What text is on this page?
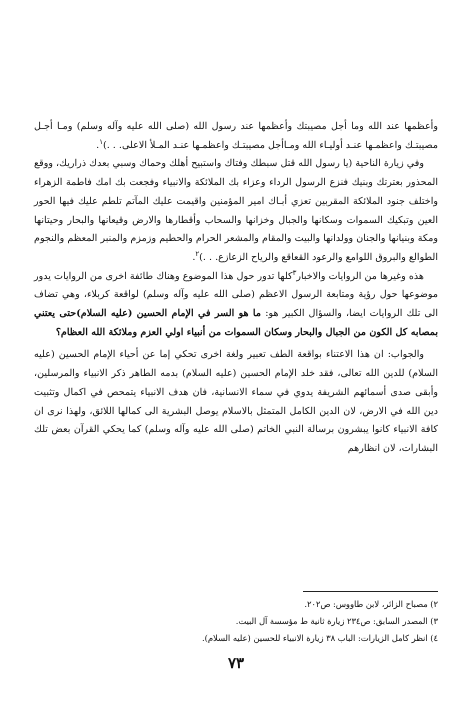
وأعظمها عند الله وما أجل مصيبتك وأعظمها عند رسول الله (صلى الله عليه وآله وسلم) ومـا أجـل مصيبتـك واعظمـها عنـد أوليـاء الله ومـاأجل مصيبتـك واعظمـها عنـد المـلأ الاعلى. . .)$^١$.

وفي زيارة الناحية (يا رسول الله قتل سبطك وفتاك واستبيح أهلك وحماك وسبي بعدك ذراريك، ووقع المحذور بعترتك وبنيك فنزع الرسول الرداء وعزاء بك الملائكة والانبياء وفجعت بك امك فاطمة الزهراء واختلف جنود الملائكة المقربين تعزي أبـاك امير المؤمنين واقيمت عليك المآتم تلطم عليك فيها الحور العين وتبكيك السموات وسكانها والجبال وخزانها والسحاب وأقطارها والارض وقيعانها والبحار وحيتانها ومكة وبنيانها والجنان وولدانها والبيت والمقام والمشعر الحرام والحطيم وزمزم والمنبر المعظم والنجوم الطوالع والبروق اللوامع والرعود القعاقع والرياح الزعازع. . .)$^٢$.

هذه وغيرها من الروايات والاخبار$^٣$كلها تدور حول هذا الموضوع وهناك طائفة اخرى من الروايات يدور موضوعها حول رؤية ومتابعة الرسول الاعظم (صلى الله عليه وآله وسلم) لواقعة كربلاء، وهي تضاف الى تلك الروايات ايضا، والسؤال الكبير هو: ما هو السر في الإمام الحسين (عليه السلام)حتى يعتني بمصابه كل الكون من الجبال والبحار وسكان السموات من أنبياء اولي العزم وملائكة الله العظام؟

والجواب: ان هذا الاعتناء بواقعة الطف تعبير ولغة اخرى تحكي إما عن أحياء الإمام الحسين (عليه السلام) للدين الله تعالى، فقد خلد الإمام الحسين (عليه السلام) بدمه الطاهر ذكر الانبياء والمرسلين، وأبقى صدى أسمائهم الشريفة يدوي في سماء الانسانية، فان هدف الانبياء يتمحص في اكمال وتثبيت دين الله في الارض، لان الدين الكامل المتمثل بالاسلام يوصل البشرية الى كمالها اللائق، ولهذا نرى ان كافة الانبياء كانوا يبشرون برسالة النبي الخاتم (صلى الله عليه وآله وسلم) كما يحكي القرآن بعض تلك البشارات، لان انظارهم

٢) مصباح الزائر، لابن طاووس: ص٢٠٢.
٣) المصدر السابق: ص٢٣٤ زيارة ثانية ط مؤسسة آل البيت.
٤) انظر كامل الزيارات: الباب ٣٨ زيارة الانبياء للحسين (عليه السلام).
٧٣
